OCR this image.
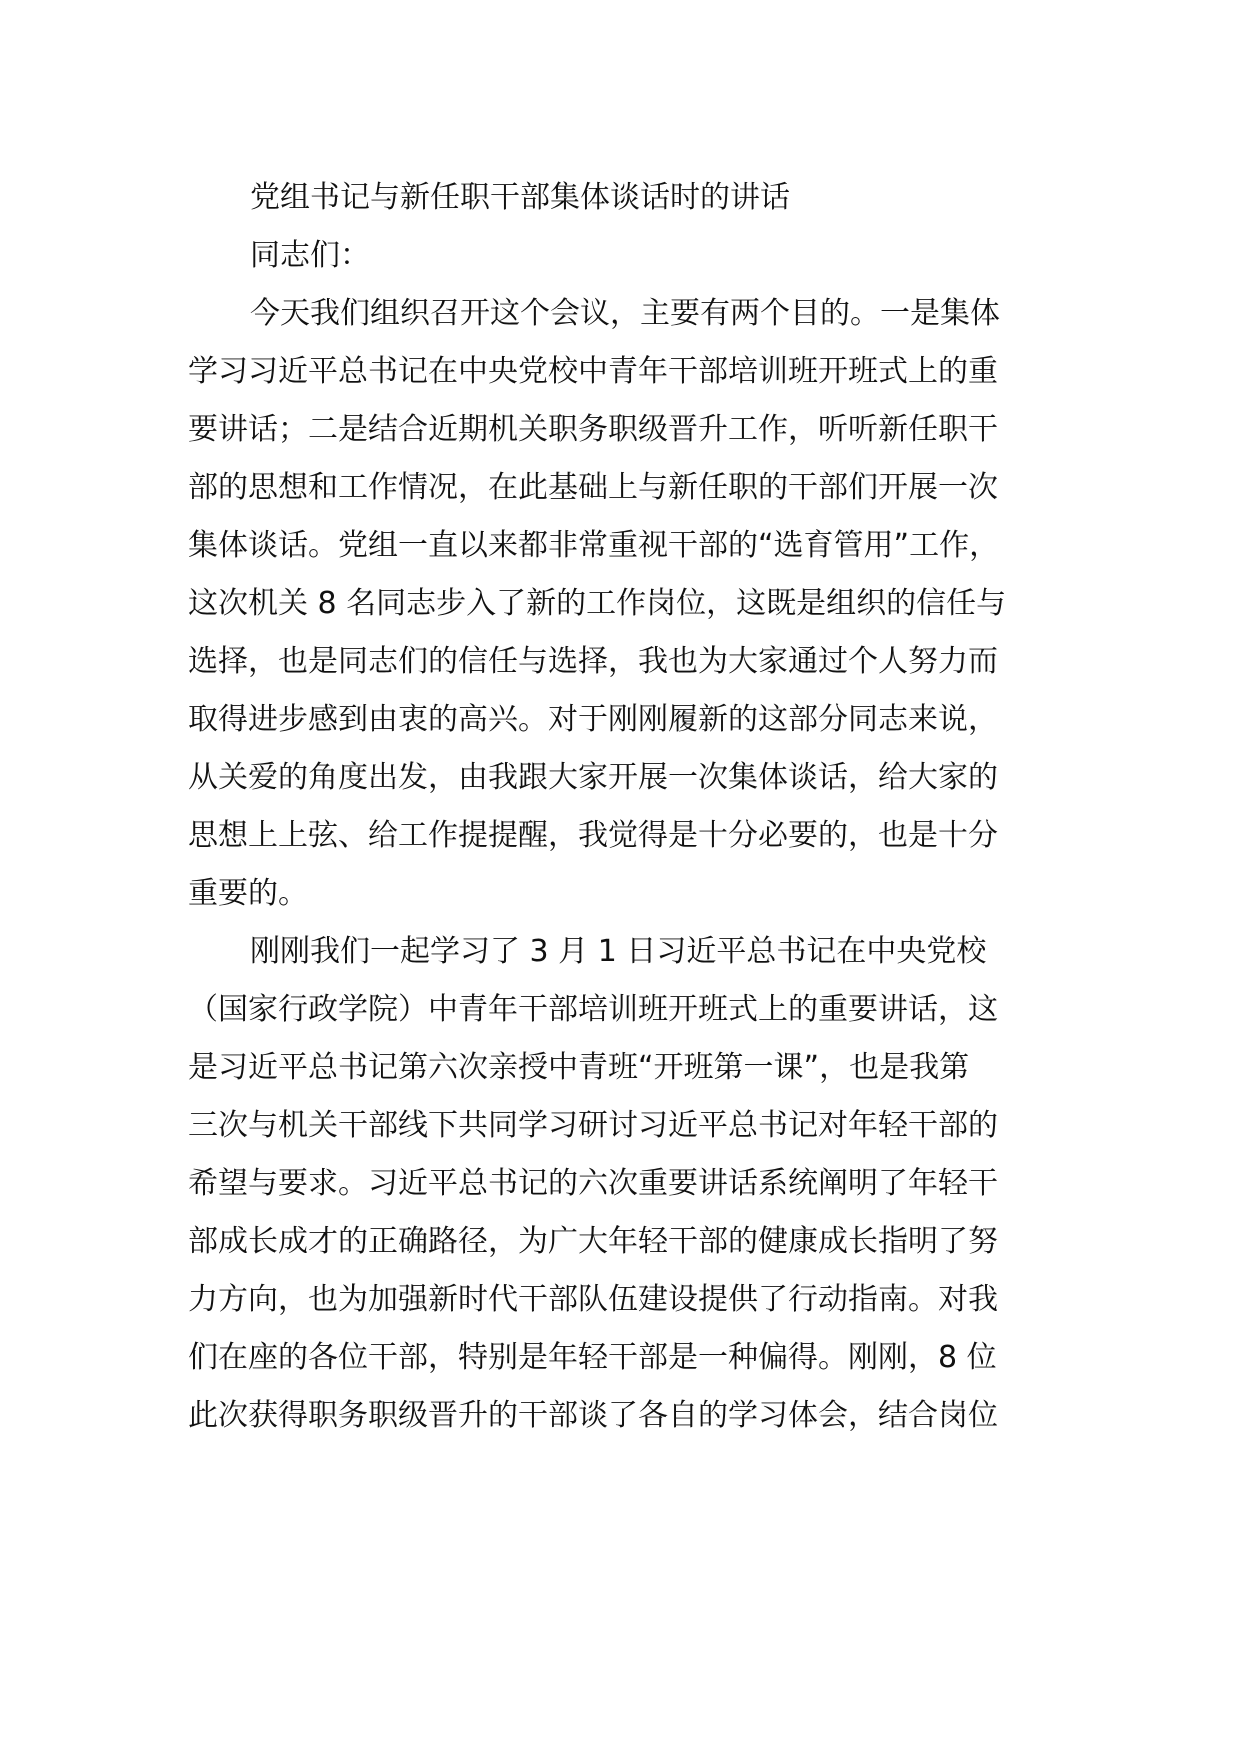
党组书记与新任职干部集体谈话时的讲话
同志们：
今天我们组织召开这个会议，主要有两个目的。一是集体
学习习近平总书记在中央党校中青年干部培训班开班式上的重
要讲话；二是结合近期机关职务职级晋升工作，听听新任职干
部的思想和工作情况，在此基础上与新任职的干部们开展一次
集体谈话。党组一直以来都非常重视干部的“选育管用”工作，
这次机关 8 名同志步入了新的工作岗位，这既是组织的信任与
选择，也是同志们的信任与选择，我也为大家通过个人努力而
取得进步感到由衷的高兴。对于刚刚履新的这部分同志来说，
从关爱的角度出发，由我跟大家开展一次集体谈话，给大家的
思想上上弦、给工作提提醒，我觉得是十分必要的，也是十分
重要的。
刚刚我们一起学习了 3 月 1 日习近平总书记在中央党校
（国家行政学院）中青年干部培训班开班式上的重要讲话，这
是习近平总书记第六次亲授中青班“开班第一课”，也是我第
三次与机关干部线下共同学习研讨习近平总书记对年轻干部的
希望与要求。习近平总书记的六次重要讲话系统阐明了年轻干
部成长成才的正确路径，为广大年轻干部的健康成长指明了努
力方向，也为加强新时代干部队伍建设提供了行动指南。对我
们在座的各位干部，特别是年轻干部是一种偏得。刚刚，8 位
此次获得职务职级晋升的干部谈了各自的学习体会，结合岗位
